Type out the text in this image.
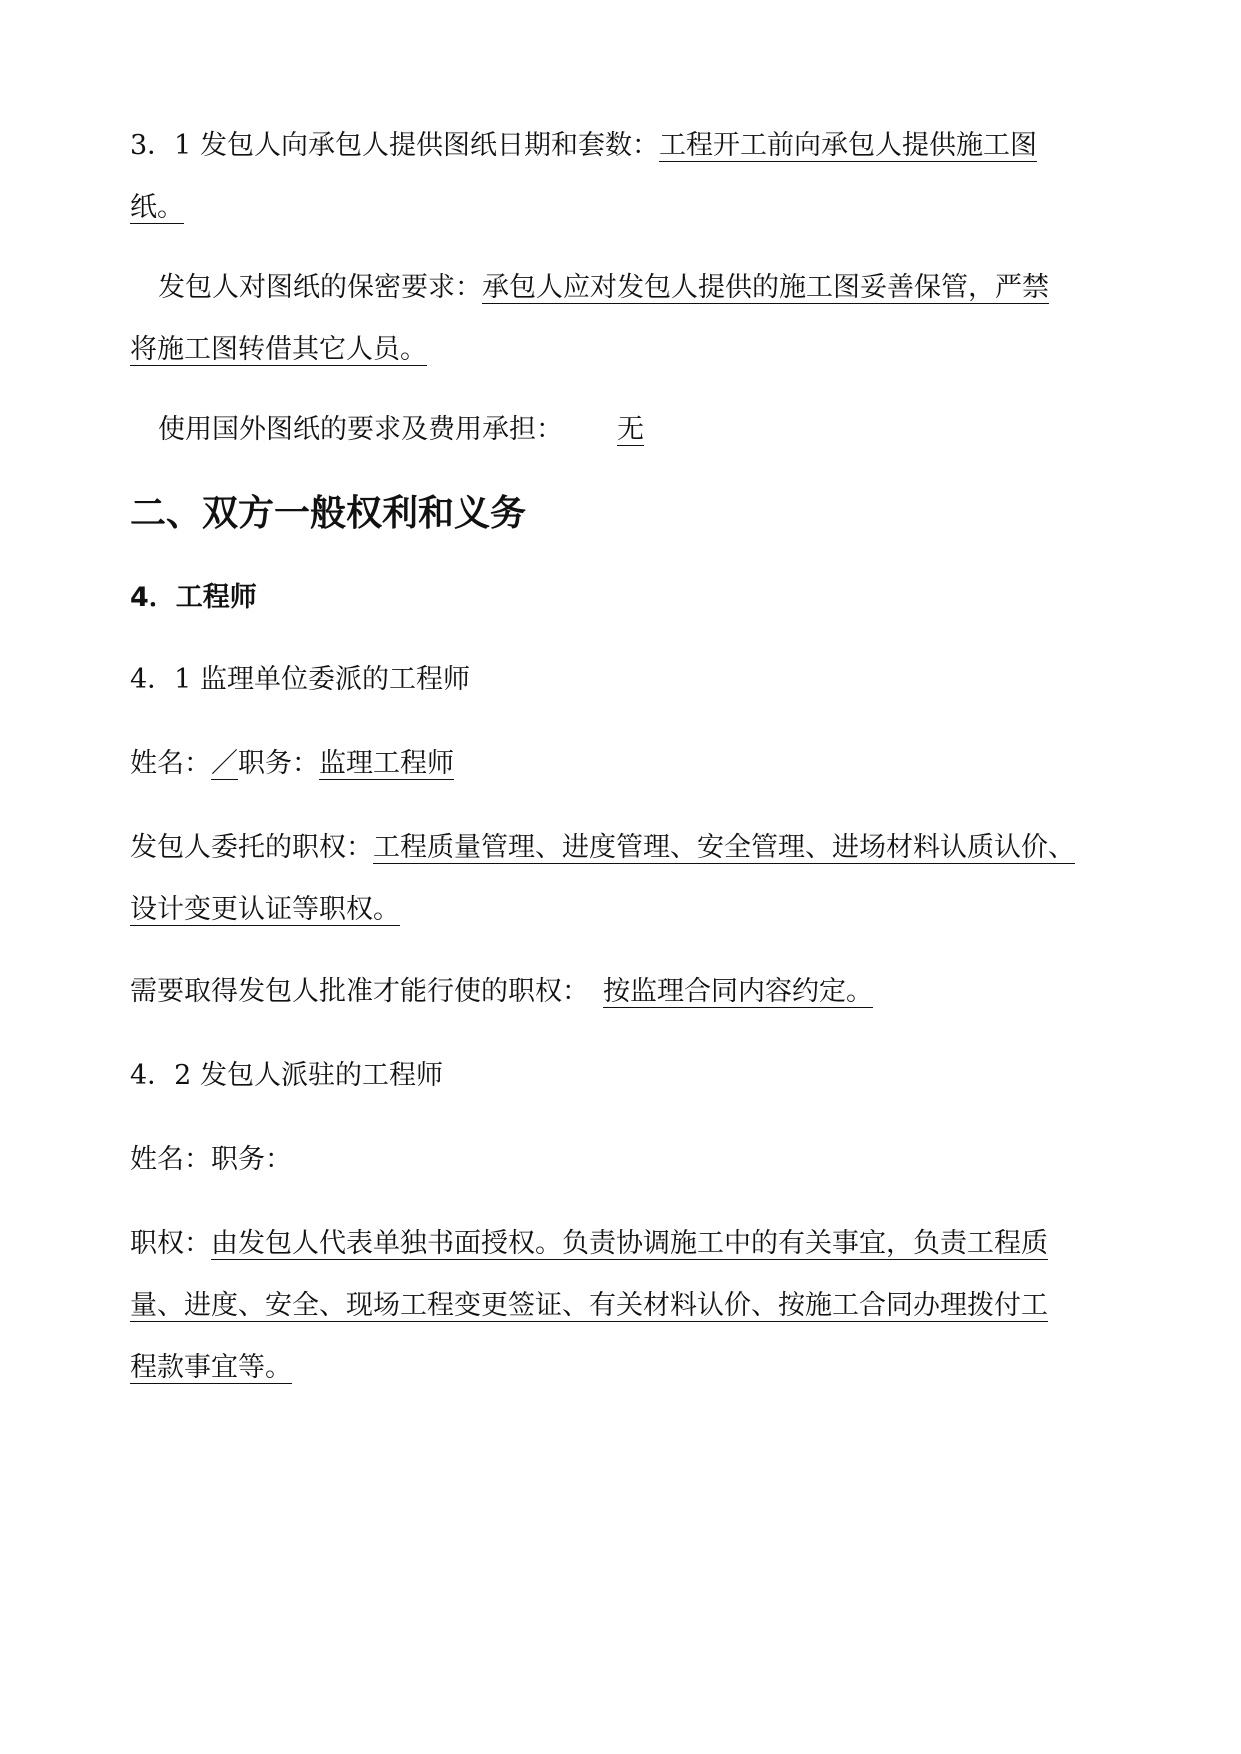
3．1 发包人向承包人提供图纸日期和套数：工程开工前向承包人提供施工图
纸。
发包人对图纸的保密要求：承包人应对发包人提供的施工图妥善保管，严禁
将施工图转借其它人员。
使用国外图纸的要求及费用承担： 无
二、双方一般权利和义务
4．工程师
4．1 监理单位委派的工程师
姓名：／职务：监理工程师
发包人委托的职权：工程质量管理、进度管理、安全管理、进场材料认质认价、
设计变更认证等职权。
需要取得发包人批准才能行使的职权： 按监理合同内容约定。
4．2 发包人派驻的工程师
姓名：职务：
职权：由发包人代表单独书面授权。负责协调施工中的有关事宜，负责工程质
量、进度、安全、现场工程变更签证、有关材料认价、按施工合同办理拨付工
程款事宜等。
